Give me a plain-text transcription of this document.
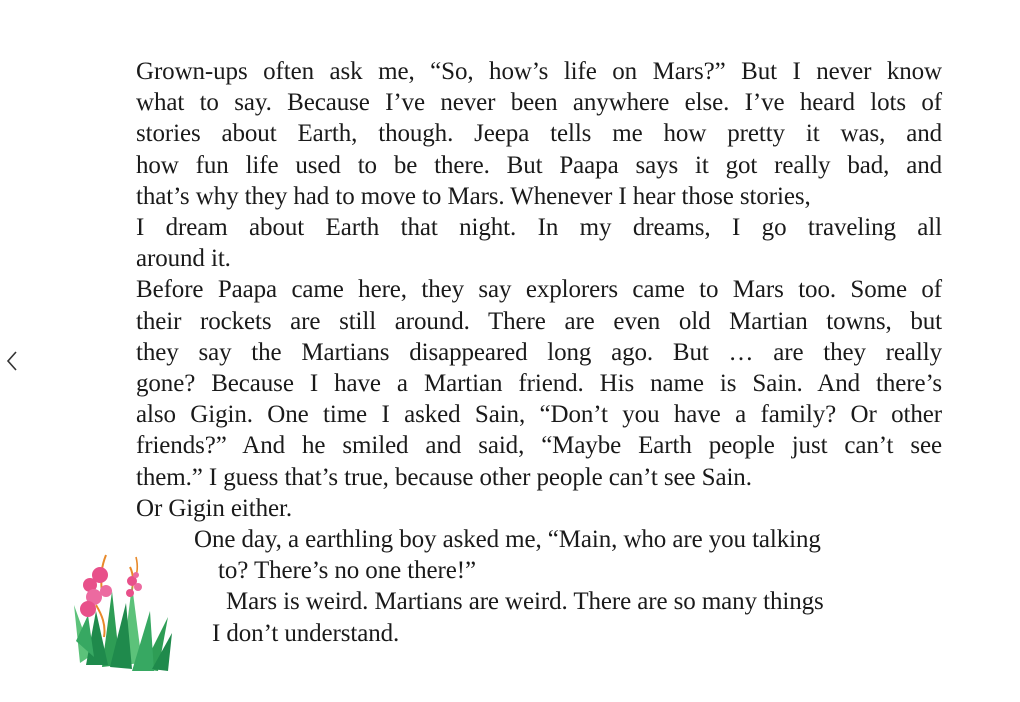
Grown-ups often ask me, “So, how’s life on Mars?” But I never know
what to say. Because I’ve never been anywhere else. I’ve heard lots of
stories about Earth, though. Jeepa tells me how pretty it was, and
how fun life used to be there. But Paapa says it got really bad, and
that’s why they had to move to Mars. Whenever I hear those stories,
I dream about Earth that night. In my dreams, I go traveling all
around it.
Before Paapa came here, they say explorers came to Mars too. Some of
their rockets are still around. There are even old Martian towns, but
they say the Martians disappeared long ago. But … are they really
gone? Because I have a Martian friend. His name is Sain. And there’s
also Gigin. One time I asked Sain, “Don’t you have a family? Or other
friends?” And he smiled and said, “Maybe Earth people just can’t see
them.” I guess that’s true, because other people can’t see Sain.
Or Gigin either.
One day, a earthling boy asked me, “Main, who are you talking
to? There’s no one there!”
Mars is weird. Martians are weird. There are so many things
I don’t understand.
